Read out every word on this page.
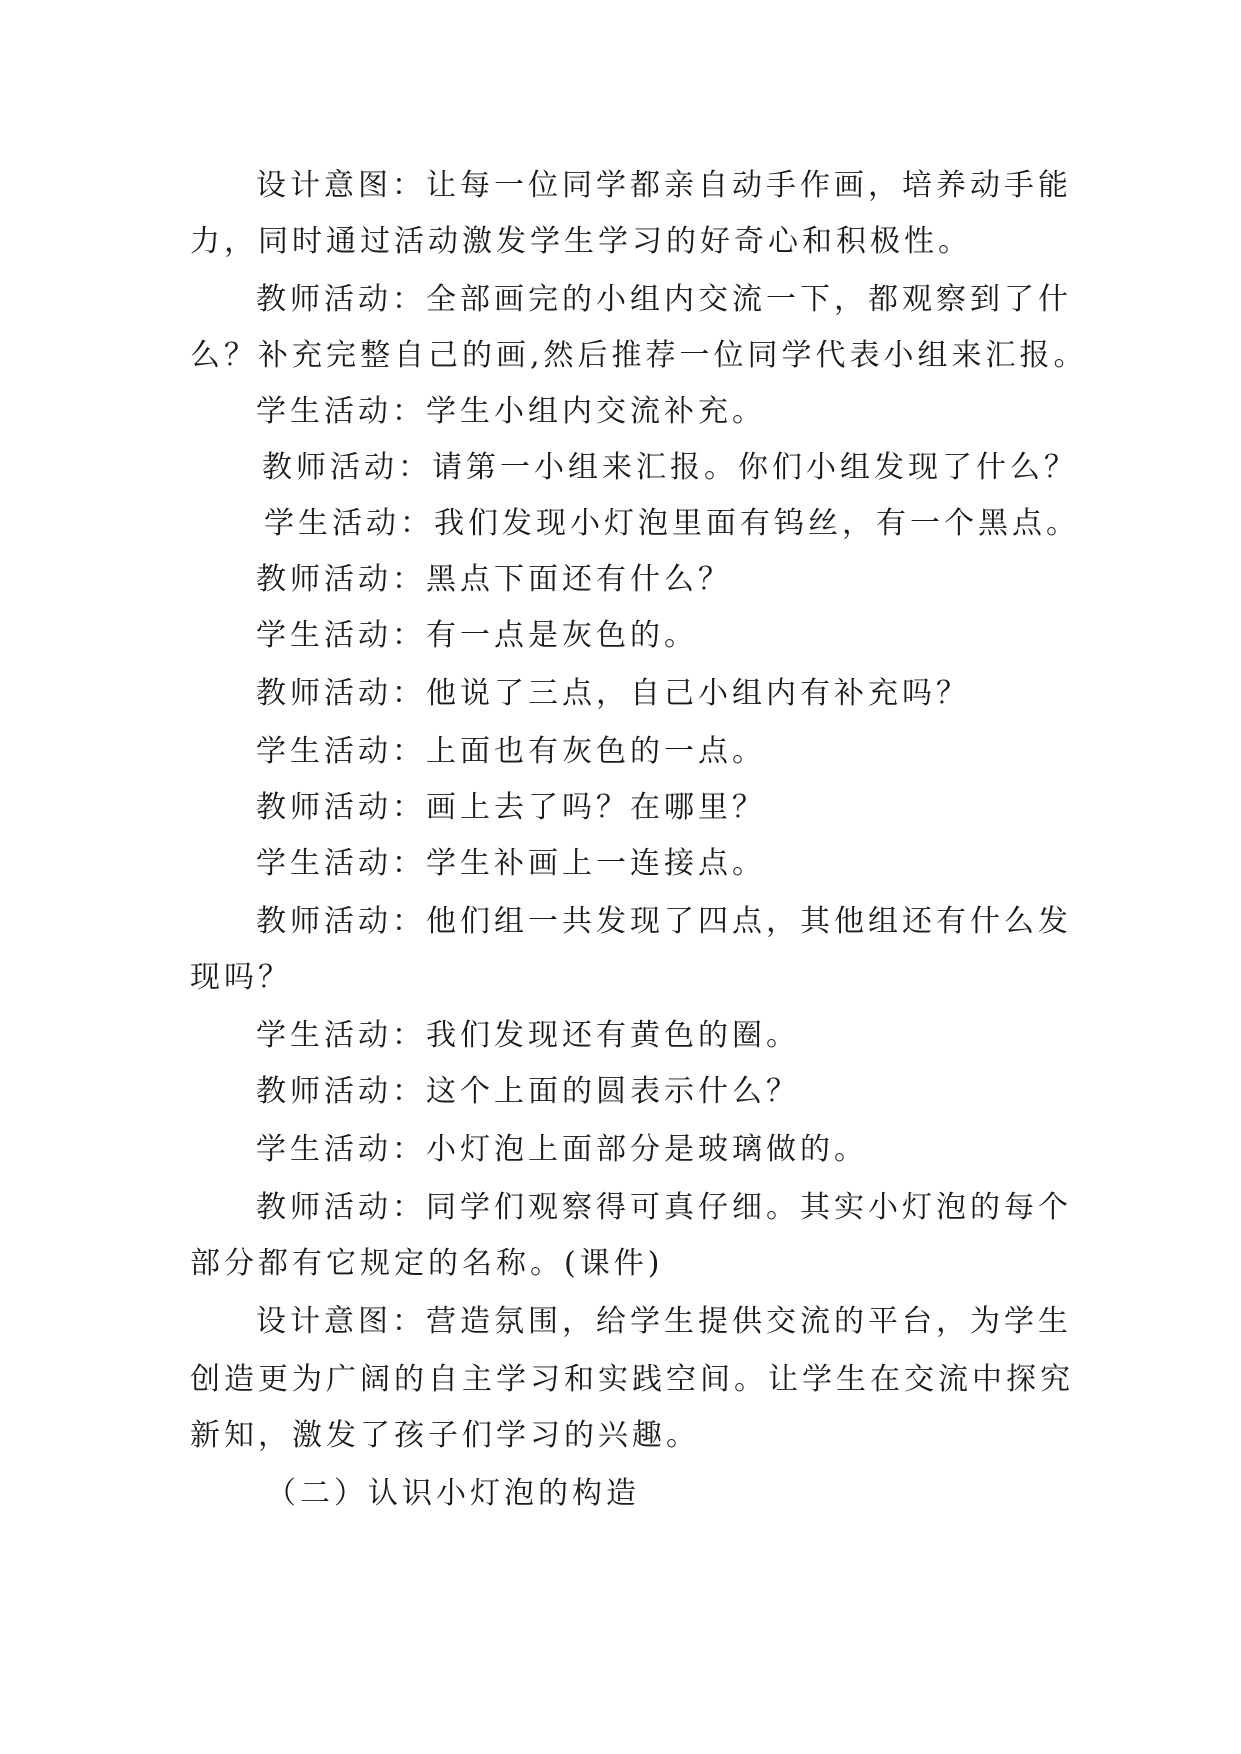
设计意图：让每一位同学都亲自动手作画，培养动手能
力，同时通过活动激发学生学习的好奇心和积极性。
教师活动：全部画完的小组内交流一下，都观察到了什
么？补充完整自己的画,然后推荐一位同学代表小组来汇报。
学生活动：学生小组内交流补充。
教师活动：请第一小组来汇报。你们小组发现了什么？
学生活动：我们发现小灯泡里面有钨丝，有一个黑点。
教师活动：黑点下面还有什么？
学生活动：有一点是灰色的。
教师活动：他说了三点，自己小组内有补充吗？
学生活动：上面也有灰色的一点。
教师活动：画上去了吗？在哪里？
学生活动：学生补画上一连接点。
教师活动：他们组一共发现了四点，其他组还有什么发
现吗？
学生活动：我们发现还有黄色的圈。
教师活动：这个上面的圆表示什么？
学生活动：小灯泡上面部分是玻璃做的。
教师活动：同学们观察得可真仔细。其实小灯泡的每个
部分都有它规定的名称。(课件)
设计意图：营造氛围，给学生提供交流的平台，为学生
创造更为广阔的自主学习和实践空间。让学生在交流中探究
新知，激发了孩子们学习的兴趣。
（二）认识小灯泡的构造
